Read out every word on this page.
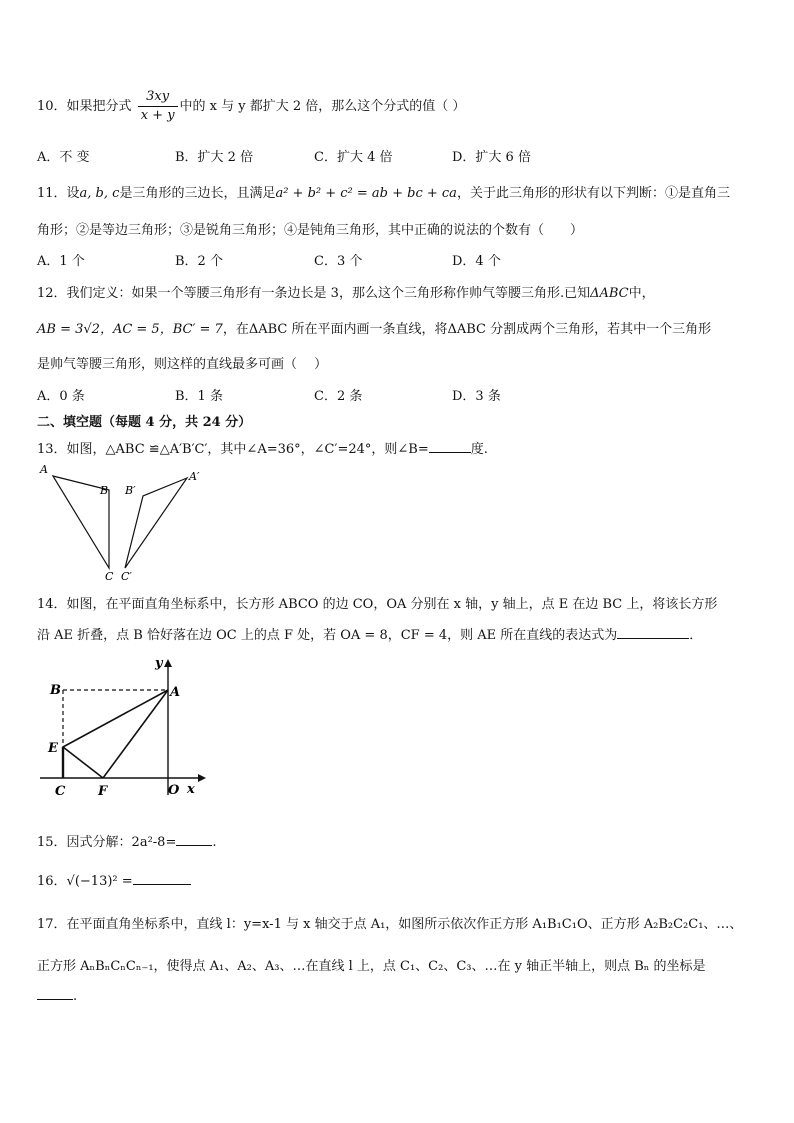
10．如果把分式 $\frac{3xy}{x + y}$ 中的 x 与 y 都扩大 2 倍，那么这个分式的值（ ）
A．不 变	B．扩大 2 倍	C．扩大 4 倍	D．扩大 6 倍
11．设a, b, c是三角形的三边长，且满足a² + b² + c² = ab + bc + ca，关于此三角形的形状有以下判断：①是直角三
角形；②是等边三角形；③是锐角三角形；④是钝角三角形，其中正确的说法的个数有（　　）
A．1 个	B．2 个	C．3 个	D．4 个
12．我们定义：如果一个等腰三角形有一条边长是 3，那么这个三角形称作帅气等腰三角形.已知ΔABC中，
AB = 3√2，AC = 5，BC′ = 7，在ΔABC 所在平面内画一条直线，将ΔABC 分割成两个三角形，若其中一个三角形
是帅气等腰三角形，则这样的直线最多可画（　 ）
A．0 条	B．1 条	C．2 条	D．3 条
二、填空题（每题 4 分，共 24 分）
13．如图，△ABC ≌△A′B′C′，其中∠A=36°，∠C′=24°，则∠B=	度.
A
B
C
B′
A′
C′
14．如图，在平面直角坐标系中，长方形 ABCO 的边 CO，OA 分别在 x 轴，y 轴上，点 E 在边 BC 上，将该长方形
沿 AE 折叠，点 B 恰好落在边 OC 上的点 F 处，若 OA = 8，CF = 4，则 AE 所在直线的表达式为	．
y
x
B	A
E
C	F	O
15．因式分解：2a²-8=	.
16．√(−13)² =
17．在平面直角坐标系中，直线 l：y=x-1 与 x 轴交于点 A₁，如图所示依次作正方形 A₁B₁C₁O、正方形 A₂B₂C₂C₁、…、
正方形 AₙBₙCₙCₙ₋₁，使得点 A₁、A₂、A₃、…在直线 l 上，点 C₁、C₂、C₃、…在 y 轴正半轴上，则点 Bₙ 的坐标是
.
